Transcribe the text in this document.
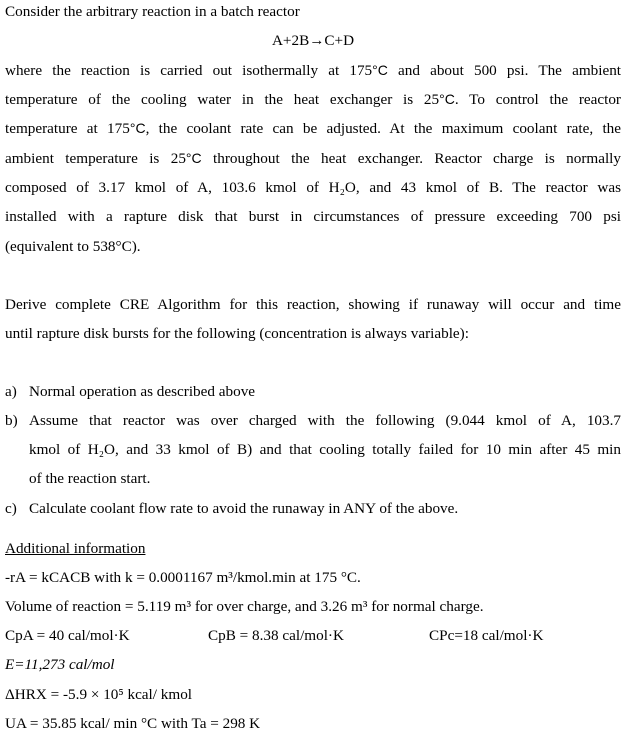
Consider the arbitrary reaction in a batch reactor
A+2B→C+D
where the reaction is carried out isothermally at 175°C and about 500 psi. The ambient
temperature of the cooling water in the heat exchanger is 25°C. To control the reactor
temperature at 175°C, the coolant rate can be adjusted. At the maximum coolant rate, the
ambient temperature is 25°C throughout the heat exchanger. Reactor charge is normally
composed of 3.17 kmol of A, 103.6 kmol of H₂O, and 43 kmol of B. The reactor was
installed with a rapture disk that burst in circumstances of pressure exceeding 700 psi
(equivalent to 538°C).
Derive complete CRE Algorithm for this reaction, showing if runaway will occur and time
until rapture disk bursts for the following (concentration is always variable):
a) Normal operation as described above
b) Assume that reactor was over charged with the following (9.044 kmol of A, 103.7
kmol of H₂O, and 33 kmol of B) and that cooling totally failed for 10 min after 45 min
of the reaction start.
c) Calculate coolant flow rate to avoid the runaway in ANY of the above.
Additional information
-rA = kCACB with k = 0.0001167 m³/kmol.min at 175 °C.
Volume of reaction = 5.119 m³ for over charge, and 3.26 m³ for normal charge.
CpA = 40 cal/mol·K	CpB = 8.38 cal/mol·K	CPc=18 cal/mol·K
E=11,273 cal/mol
ΔHRX = -5.9 × 10⁵ kcal/ kmol
UA = 35.85 kcal/ min °C with Ta = 298 K
